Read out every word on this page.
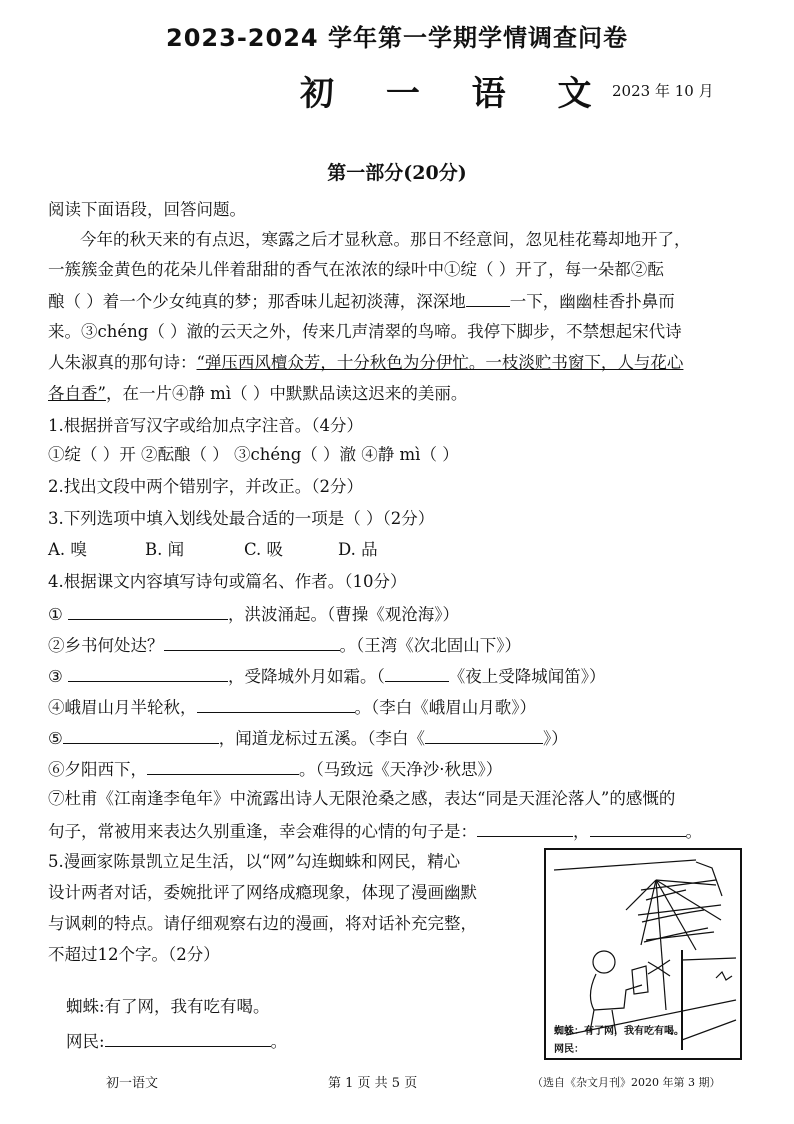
2023-2024 学年第一学期学情调查问卷
初 一 语 文 2023 年 10 月
第一部分(20分)
阅读下面语段，回答问题。
今年的秋天来的有点迟，寒露之后才显秋意。那日不经意间，忽见桂花蓦却地开了，
一簇簇金黄色的花朵儿伴着甜甜的香气在浓浓的绿叶中①绽（ ）开了，每一朵都②酝
酿（ ）着一个少女纯真的梦；那香味儿起初淡薄，深深地	一下，幽幽桂香扑鼻而
来。③chéng（ ）澈的云天之外，传来几声清翠的鸟啼。我停下脚步，不禁想起宋代诗
人朱淑真的那句诗：“弹压西风檀众芳，十分秋色为分伊忙。一枝淡贮书窗下，人与花心
各自香”，在一片④静 mì（ ）中默默品读这迟来的美丽。
1.根据拼音写汉字或给加点字注音。（4分）
①绽（ ）开 ②酝酿（ ） ③chéng（ ）澈 ④静 mì（ ）
2.找出文段中两个错别字，并改正。（2分）
3.下列选项中填入划线处最合适的一项是（ ）（2分）
A. 嗅	B. 闻	C. 吸	D. 品
4.根据课文内容填写诗句或篇名、作者。（10分）
①	，洪波涌起。（曹操《观沧海》）
②乡书何处达？	。（王湾《次北固山下》）
③	，受降城外月如霜。（	《夜上受降城闻笛》）
④峨眉山月半轮秋，	。（李白《峨眉山月歌》）
⑤	，闻道龙标过五溪。（李白《	》）
⑥夕阳西下，	。（马致远《天净沙·秋思》）
⑦杜甫《江南逢李龟年》中流露出诗人无限沧桑之感，表达“同是天涯沦落人”的感慨的
句子，常被用来表达久别重逢，幸会难得的心情的句子是：	，	。
5.漫画家陈景凯立足生活，以“网”勾连蜘蛛和网民，精心
设计两者对话，委婉批评了网络成瘾现象，体现了漫画幽默
与讽刺的特点。请仔细观察右边的漫画，将对话补充完整，
不超过12个字。（2分）
蜘蛛:有了网，我有吃有喝。
网民:	。
蜘蛛：有了网，我有吃有喝。
网民：
初一语文	第 1 页 共 5 页	（选自《杂文月刊》2020 年第 3 期）
